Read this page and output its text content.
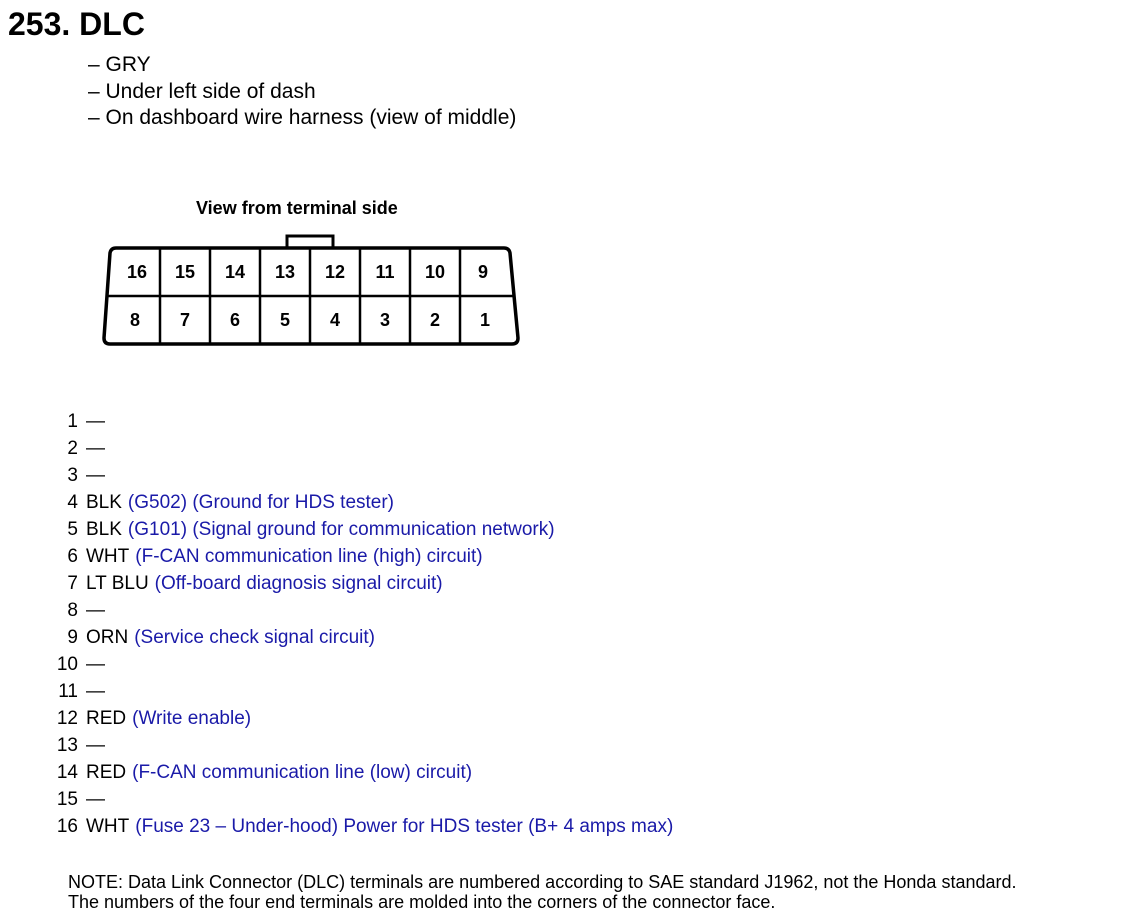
253. DLC
– GRY
– Under left side of dash
– On dashboard wire harness (view of middle)
View from terminal side
16 15 14 13 12 11 10 9
8 7 6 5 4 3 2 1
1 —
2 —
3 —
4 BLK (G502) (Ground for HDS tester)
5 BLK (G101) (Signal ground for communication network)
6 WHT (F-CAN communication line (high) circuit)
7 LT BLU (Off-board diagnosis signal circuit)
8 —
9 ORN (Service check signal circuit)
10 —
11 —
12 RED (Write enable)
13 —
14 RED (F-CAN communication line (low) circuit)
15 —
16 WHT (Fuse 23 – Under-hood) Power for HDS tester (B+ 4 amps max)
NOTE: Data Link Connector (DLC) terminals are numbered according to SAE standard J1962, not the Honda standard.
The numbers of the four end terminals are molded into the corners of the connector face.
